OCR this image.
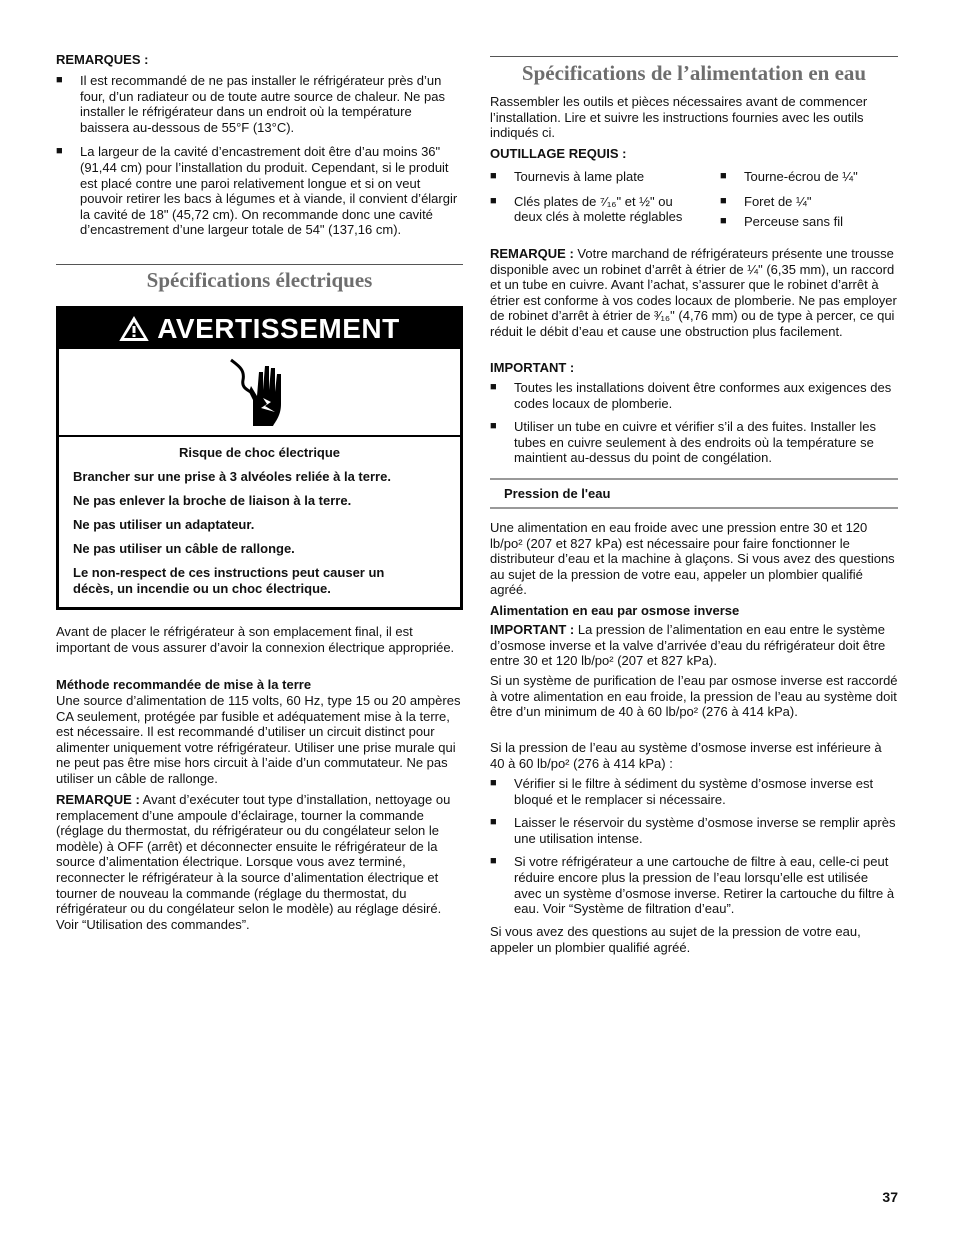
REMARQUES :

■ Il est recommandé de ne pas installer le réfrigérateur près d’un four, d’un radiateur ou de toute autre source de chaleur. Ne pas installer le réfrigérateur dans un endroit où la température baissera au-dessous de 55°F (13°C).
■ La largeur de la cavité d’encastrement doit être d’au moins 36" (91,44 cm) pour l’installation du produit. Cependant, si le produit est placé contre une paroi relativement longue et si on veut pouvoir retirer les bacs à légumes et à viande, il convient d’élargir la cavité de 18" (45,72 cm). On recommande donc une cavité d’encastrement d’une largeur totale de 54" (137,16 cm).
Spécifications électriques
AVERTISSEMENT

Risque de choc électrique

Brancher sur une prise à 3 alvéoles reliée à la terre.

Ne pas enlever la broche de liaison à la terre.

Ne pas utiliser un adaptateur.

Ne pas utiliser un câble de rallonge.

Le non-respect de ces instructions peut causer un décès, un incendie ou un choc électrique.

Avant de placer le réfrigérateur à son emplacement final, il est important de vous assurer d’avoir la connexion électrique appropriée.

Méthode recommandée de mise à la terre

Une source d’alimentation de 115 volts, 60 Hz, type 15 ou 20 ampères CA seulement, protégée par fusible et adéquatement mise à la terre, est nécessaire. Il est recommandé d’utiliser un circuit distinct pour alimenter uniquement votre réfrigérateur. Utiliser une prise murale qui ne peut pas être mise hors circuit à l’aide d’un commutateur. Ne pas utiliser un câble de rallonge.

REMARQUE : Avant d’exécuter tout type d’installation, nettoyage ou remplacement d’une ampoule d’éclairage, tourner la commande (réglage du thermostat, du réfrigérateur ou du congélateur selon le modèle) à OFF (arrêt) et déconnecter ensuite le réfrigérateur de la source d’alimentation électrique. Lorsque vous avez terminé, reconnecter le réfrigérateur à la source d’alimentation électrique et tourner de nouveau la commande (réglage du thermostat, du réfrigérateur ou du congélateur selon le modèle) au réglage désiré. Voir “Utilisation des commandes”.

Spécifications de l’alimentation en eau

Rassembler les outils et pièces nécessaires avant de commencer l’installation. Lire et suivre les instructions fournies avec les outils indiqués ci.

OUTILLAGE REQUIS :

■ Tournevis à lame plate
■ Clés plates de ⁷⁄₁₆" et ½" ou deux clés à molette réglables
■ Tourne-écrou de ¼"
■ Foret de ¼"
■ Perceuse sans fil

REMARQUE : Votre marchand de réfrigérateurs présente une trousse disponible avec un robinet d’arrêt à étrier de ¼" (6,35 mm), un raccord et un tube en cuivre. Avant l’achat, s’assurer que le robinet d’arrêt à étrier est conforme à vos codes locaux de plomberie. Ne pas employer de robinet d’arrêt à étrier de ³⁄₁₆" (4,76 mm) ou de type à percer, ce qui réduit le débit d’eau et cause une obstruction plus facilement.

IMPORTANT :

■ Toutes les installations doivent être conformes aux exigences des codes locaux de plomberie.
■ Utiliser un tube en cuivre et vérifier s’il a des fuites. Installer les tubes en cuivre seulement à des endroits où la température se maintient au-dessus du point de congélation.
Pression de l'eau

Une alimentation en eau froide avec une pression entre 30 et 120 lb/po² (207 et 827 kPa) est nécessaire pour faire fonctionner le distributeur d’eau et la machine à glaçons. Si vous avez des questions au sujet de la pression de votre eau, appeler un plombier qualifié agréé.

Alimentation en eau par osmose inverse

IMPORTANT : La pression de l’alimentation en eau entre le système d’osmose inverse et la valve d’arrivée d’eau du réfrigérateur doit être entre 30 et 120 lb/po² (207 et 827 kPa).

Si un système de purification de l’eau par osmose inverse est raccordé à votre alimentation en eau froide, la pression de l’eau au système doit être d’un minimum de 40 à 60 lb/po² (276 à 414 kPa).

Si la pression de l’eau au système d’osmose inverse est inférieure à 40 à 60 lb/po² (276 à 414 kPa) :

■ Vérifier si le filtre à sédiment du système d’osmose inverse est bloqué et le remplacer si nécessaire.
■ Laisser le réservoir du système d’osmose inverse se remplir après une utilisation intense.
■ Si votre réfrigérateur a une cartouche de filtre à eau, celle-ci peut réduire encore plus la pression de l’eau lorsqu’elle est utilisée avec un système d’osmose inverse. Retirer la cartouche du filtre à eau. Voir “Système de filtration d’eau”.

Si vous avez des questions au sujet de la pression de votre eau, appeler un plombier qualifié agréé.

37
